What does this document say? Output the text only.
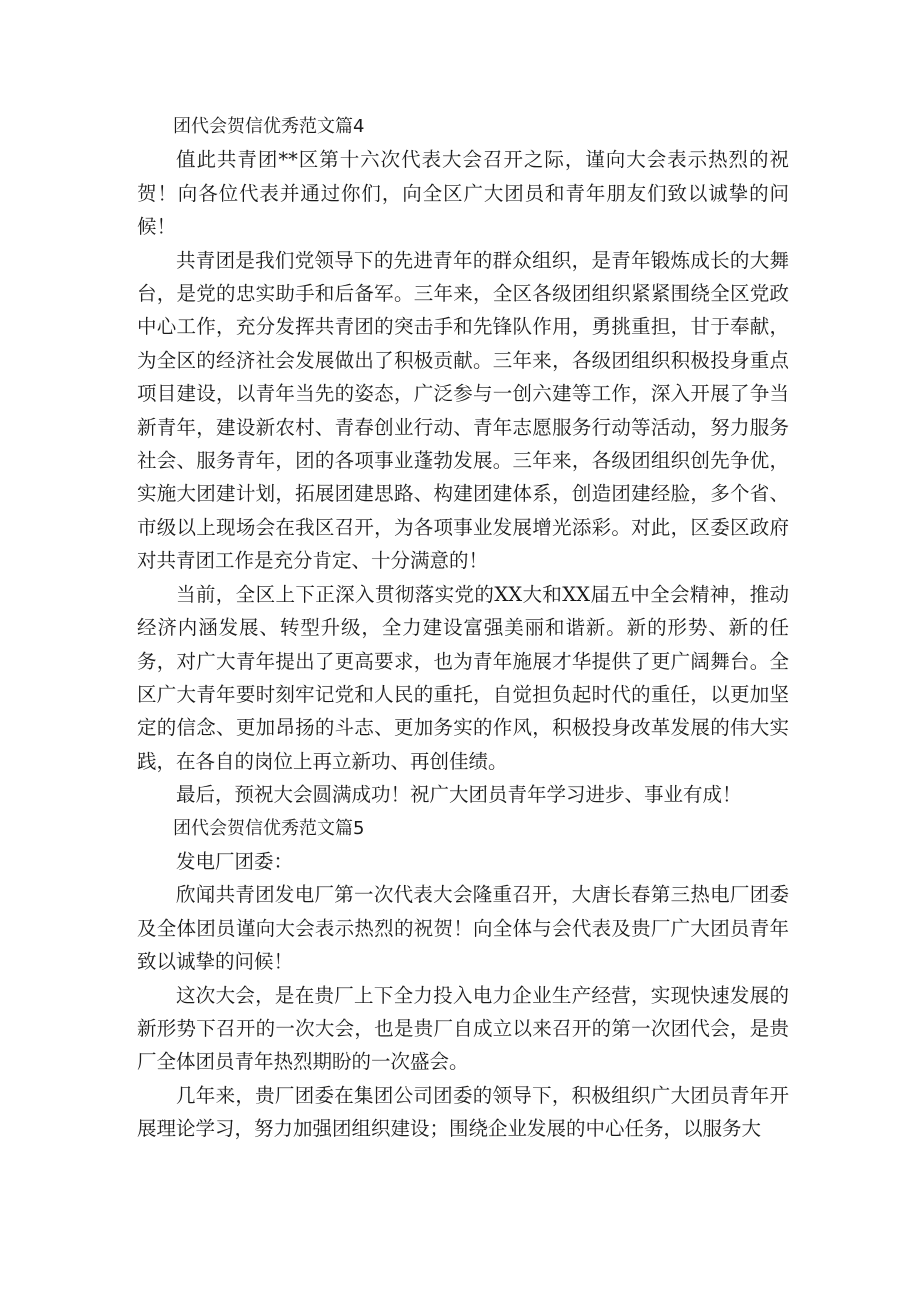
团代会贺信优秀范文篇4

值此共青团**区第十六次代表大会召开之际，谨向大会表示热烈的祝贺！向各位代表并通过你们，向全区广大团员和青年朋友们致以诚挚的问候！

共青团是我们党领导下的先进青年的群众组织，是青年锻炼成长的大舞台，是党的忠实助手和后备军。三年来，全区各级团组织紧紧围绕全区党政中心工作，充分发挥共青团的突击手和先锋队作用，勇挑重担，甘于奉献，为全区的经济社会发展做出了积极贡献。三年来，各级团组织积极投身重点项目建设，以青年当先的姿态，广泛参与一创六建等工作，深入开展了争当新青年，建设新农村、青春创业行动、青年志愿服务行动等活动，努力服务社会、服务青年，团的各项事业蓬勃发展。三年来，各级团组织创先争优，实施大团建计划，拓展团建思路、构建团建体系，创造团建经脸，多个省、市级以上现场会在我区召开，为各项事业发展增光添彩。对此，区委区政府对共青团工作是充分肯定、十分满意的！

当前，全区上下正深入贯彻落实党的XX大和XX届五中全会精神，推动经济内涵发展、转型升级，全力建设富强美丽和谐新。新的形势、新的任务，对广大青年提出了更高要求，也为青年施展才华提供了更广阔舞台。全区广大青年要时刻牢记党和人民的重托，自觉担负起时代的重任，以更加坚定的信念、更加昂扬的斗志、更加务实的作风，积极投身改革发展的伟大实践，在各自的岗位上再立新功、再创佳绩。

最后，预祝大会圆满成功！祝广大团员青年学习进步、事业有成！

团代会贺信优秀范文篇5

发电厂团委：

欣闻共青团发电厂第一次代表大会隆重召开，大唐长春第三热电厂团委及全体团员谨向大会表示热烈的祝贺！向全体与会代表及贵厂广大团员青年致以诚挚的问候！

这次大会，是在贵厂上下全力投入电力企业生产经营，实现快速发展的新形势下召开的一次大会，也是贵厂自成立以来召开的第一次团代会，是贵厂全体团员青年热烈期盼的一次盛会。

几年来，贵厂团委在集团公司团委的领导下，积极组织广大团员青年开展理论学习，努力加强团组织建设；围绕企业发展的中心任务，以服务大
